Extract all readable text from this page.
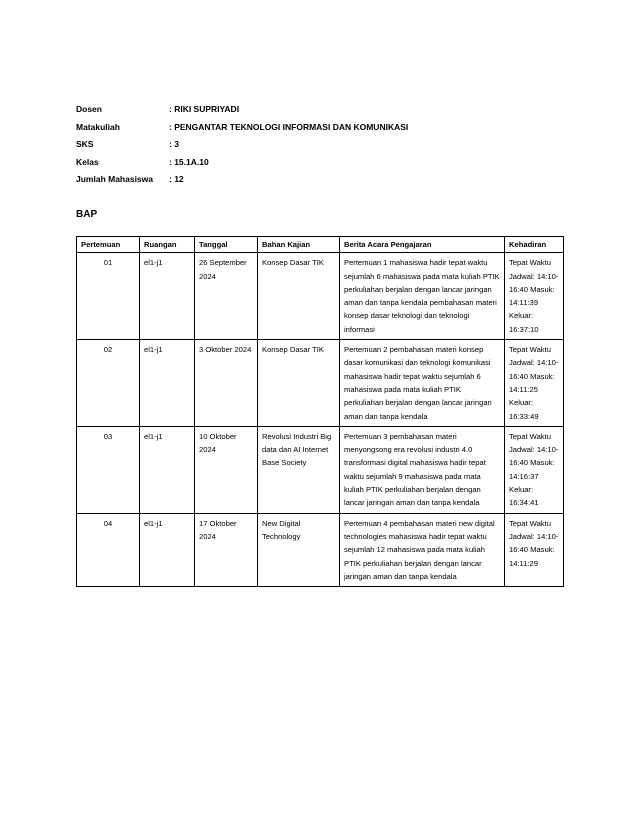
Dosen	: RIKI SUPRIYADI
Matakuliah	: PENGANTAR TEKNOLOGI INFORMASI DAN KOMUNIKASI
SKS	: 3
Kelas	: 15.1A.10
Jumlah Mahasiswa	: 12
BAP
Pertemuan	Ruangan	Tanggal	Bahan Kajian	Berita Acara Pengajaran	Kehadiran
01	el1-j1	26 September 2024	Konsep Dasar TIK	Pertemuan 1 mahasiswa hadir tepat waktu sejumlah 6 mahasiswa pada mata kuliah PTIK perkuliahan berjalan dengan lancar jaringan aman dan tanpa kendala pembahasan materi konsep dasar teknologi dan teknologi informasi	Tepat Waktu Jadwal: 14:10-16:40 Masuk: 14:11:39 Keluar: 16:37:10
02	el1-j1	3 Oktober 2024	Konsep Dasar TIK	Pertemuan 2 pembahasan materi konsep dasar komunikasi dan teknologi komunikasi mahasiswa hadir tepat waktu sejumlah 6 mahasiswa pada mata kuliah PTIK perkuliahan berjalan dengan lancar jaringan aman dan tanpa kendala	Tepat Waktu Jadwal: 14:10-16:40 Masuk: 14:11:25 Keluar: 16:33:49
03	el1-j1	10 Oktober 2024	Revolusi Industri Big data dan AI Internet Base Society	Pertemuan 3 pembahasan materi menyongsong era revolusi industri 4.0 transformasi digital mahasiswa hadir tepat waktu sejumlah 9 mahasiswa pada mata kuliah PTIK perkuliahan berjalan dengan lancar jaringan aman dan tanpa kendala	Tepat Waktu Jadwal: 14:10-16:40 Masuk: 14:16:37 Keluar: 16:34:41
04	el1-j1	17 Oktober 2024	New Digital Technology	Pertemuan 4 pembahasan materi new digital technologies mahasiswa hadir tepat waktu sejumlah 12 mahasiswa pada mata kuliah PTIK perkuliahan berjalan dengan lancar jaringan aman dan tanpa kendala	Tepat Waktu Jadwal: 14:10-16:40 Masuk: 14:11:29
